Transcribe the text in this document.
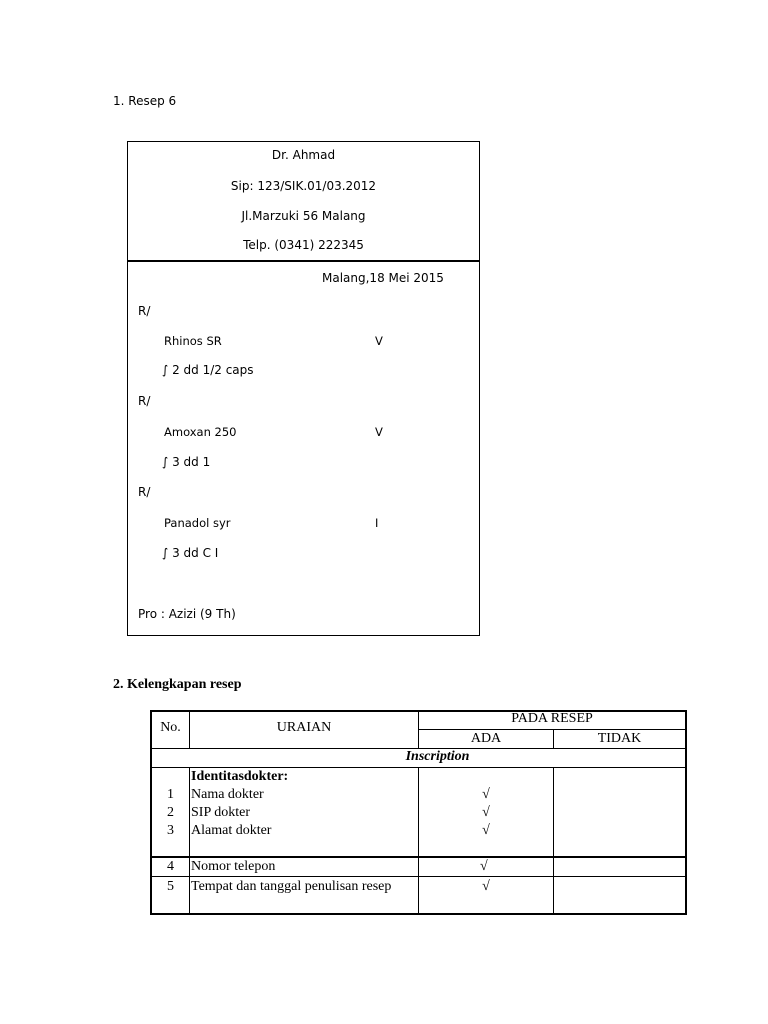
1. Resep 6
Dr. Ahmad
Sip: 123/SIK.01/03.2012
Jl.Marzuki 56 Malang
Telp. (0341) 222345
Malang,18 Mei 2015
R/
Rhinos SR	V
∫ 2 dd 1/2 caps
R/
Amoxan 250	V
∫ 3 dd 1
R/
Panadol syr	I
∫ 3 dd C I
Pro : Azizi (9 Th)
2. Kelengkapan resep
No.	URAIAN
PADA RESEP
ADA	TIDAK
Inscription
Identitasdokter:
1	Nama dokter	√
2	SIP dokter	√
3	Alamat dokter	√
4	Nomor telepon	√
5	Tempat dan tanggal penulisan resep	√
